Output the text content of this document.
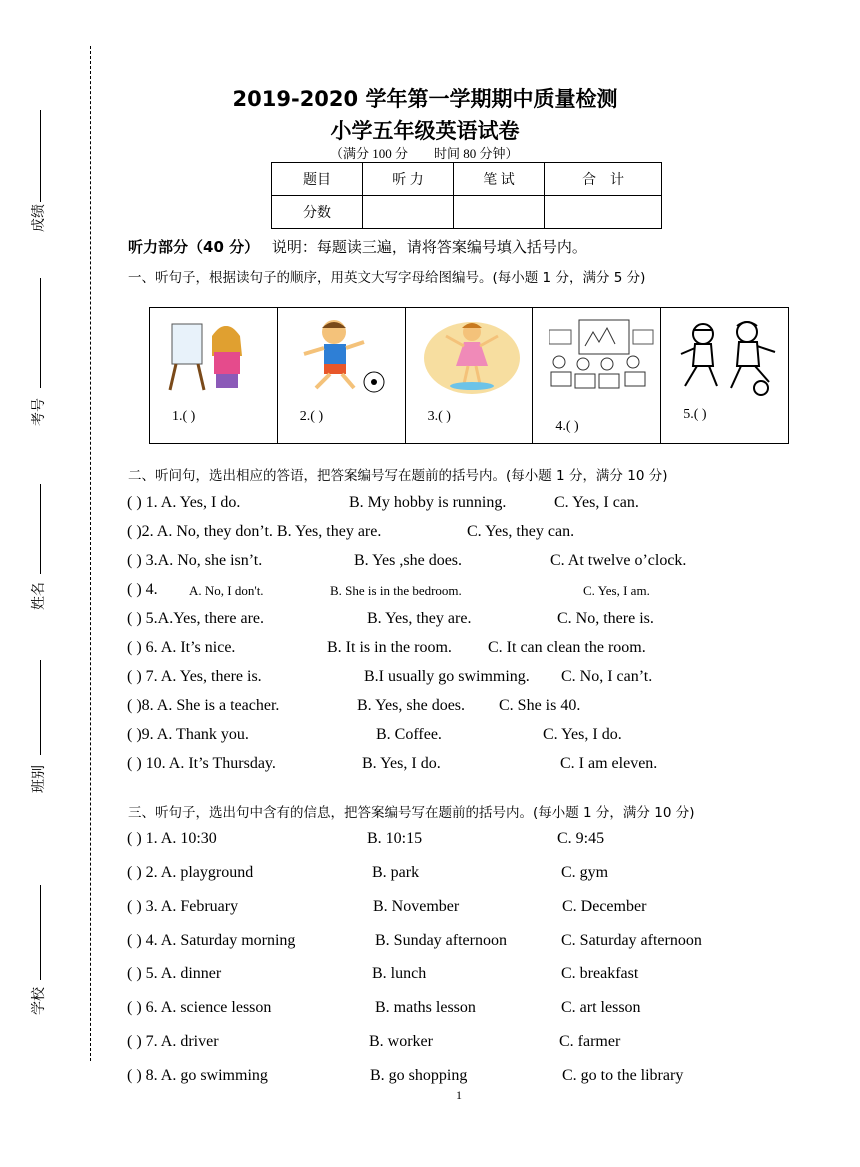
成绩
考号
姓名
班别
学校
2019-2020 学年第一学期期中质量检测
小学五年级英语试卷
（满分 100 分 时间 80 分钟）
题目	听 力	笔 试	合　计
分数			
听力部分（40 分） 说明：每题读三遍，请将答案编号填入括号内。
一、听句子，根据读句子的顺序，用英文大写字母给图编号。(每小题 1 分，满分 5 分)
1.( )	2.( )	3.( )
4.( )
5.( )
二、听问句，选出相应的答语，把答案编号写在题前的括号内。(每小题 1 分，满分 10 分)
( ) 1. A. Yes, I do.	B. My hobby is running.	C. Yes, I can.
( )2. A. No, they don’t. B. Yes, they are.	C. Yes, they can.
( ) 3.A. No, she isn’t.	B. Yes ,she does.	C. At twelve o’clock.
( ) 4. A. No, I don't.	B. She is in the bedroom.	C. Yes, I am.
( ) 5.A.Yes, there are.	B. Yes, they are.	C. No, there is.
( ) 6. A. It’s nice.	B. It is in the room. C. It can clean the room.
( ) 7. A. Yes, there is.	B.I usually go swimming. C. No, I can’t.
( )8. A. She is a teacher.	B. Yes, she does. C. She is 40.
( )9. A. Thank you.	B. Coffee.	C. Yes, I do.
( ) 10. A. It’s Thursday.	B. Yes, I do.	C. I am eleven.
三、听句子，选出句中含有的信息，把答案编号写在题前的括号内。(每小题 1 分，满分 10 分)
( ) 1. A. 10:30	B. 10:15	C. 9:45
( ) 2. A. playground	B. park	C. gym
( ) 3. A. February	B. November	C. December
( ) 4. A. Saturday morning	B. Sunday afternoon	C. Saturday afternoon
( ) 5. A. dinner	B. lunch	C. breakfast
( ) 6. A. science lesson	B. maths lesson	C. art lesson
( ) 7. A. driver	B. worker	C. farmer
( ) 8. A. go swimming	B. go shopping	C. go to the library
1
